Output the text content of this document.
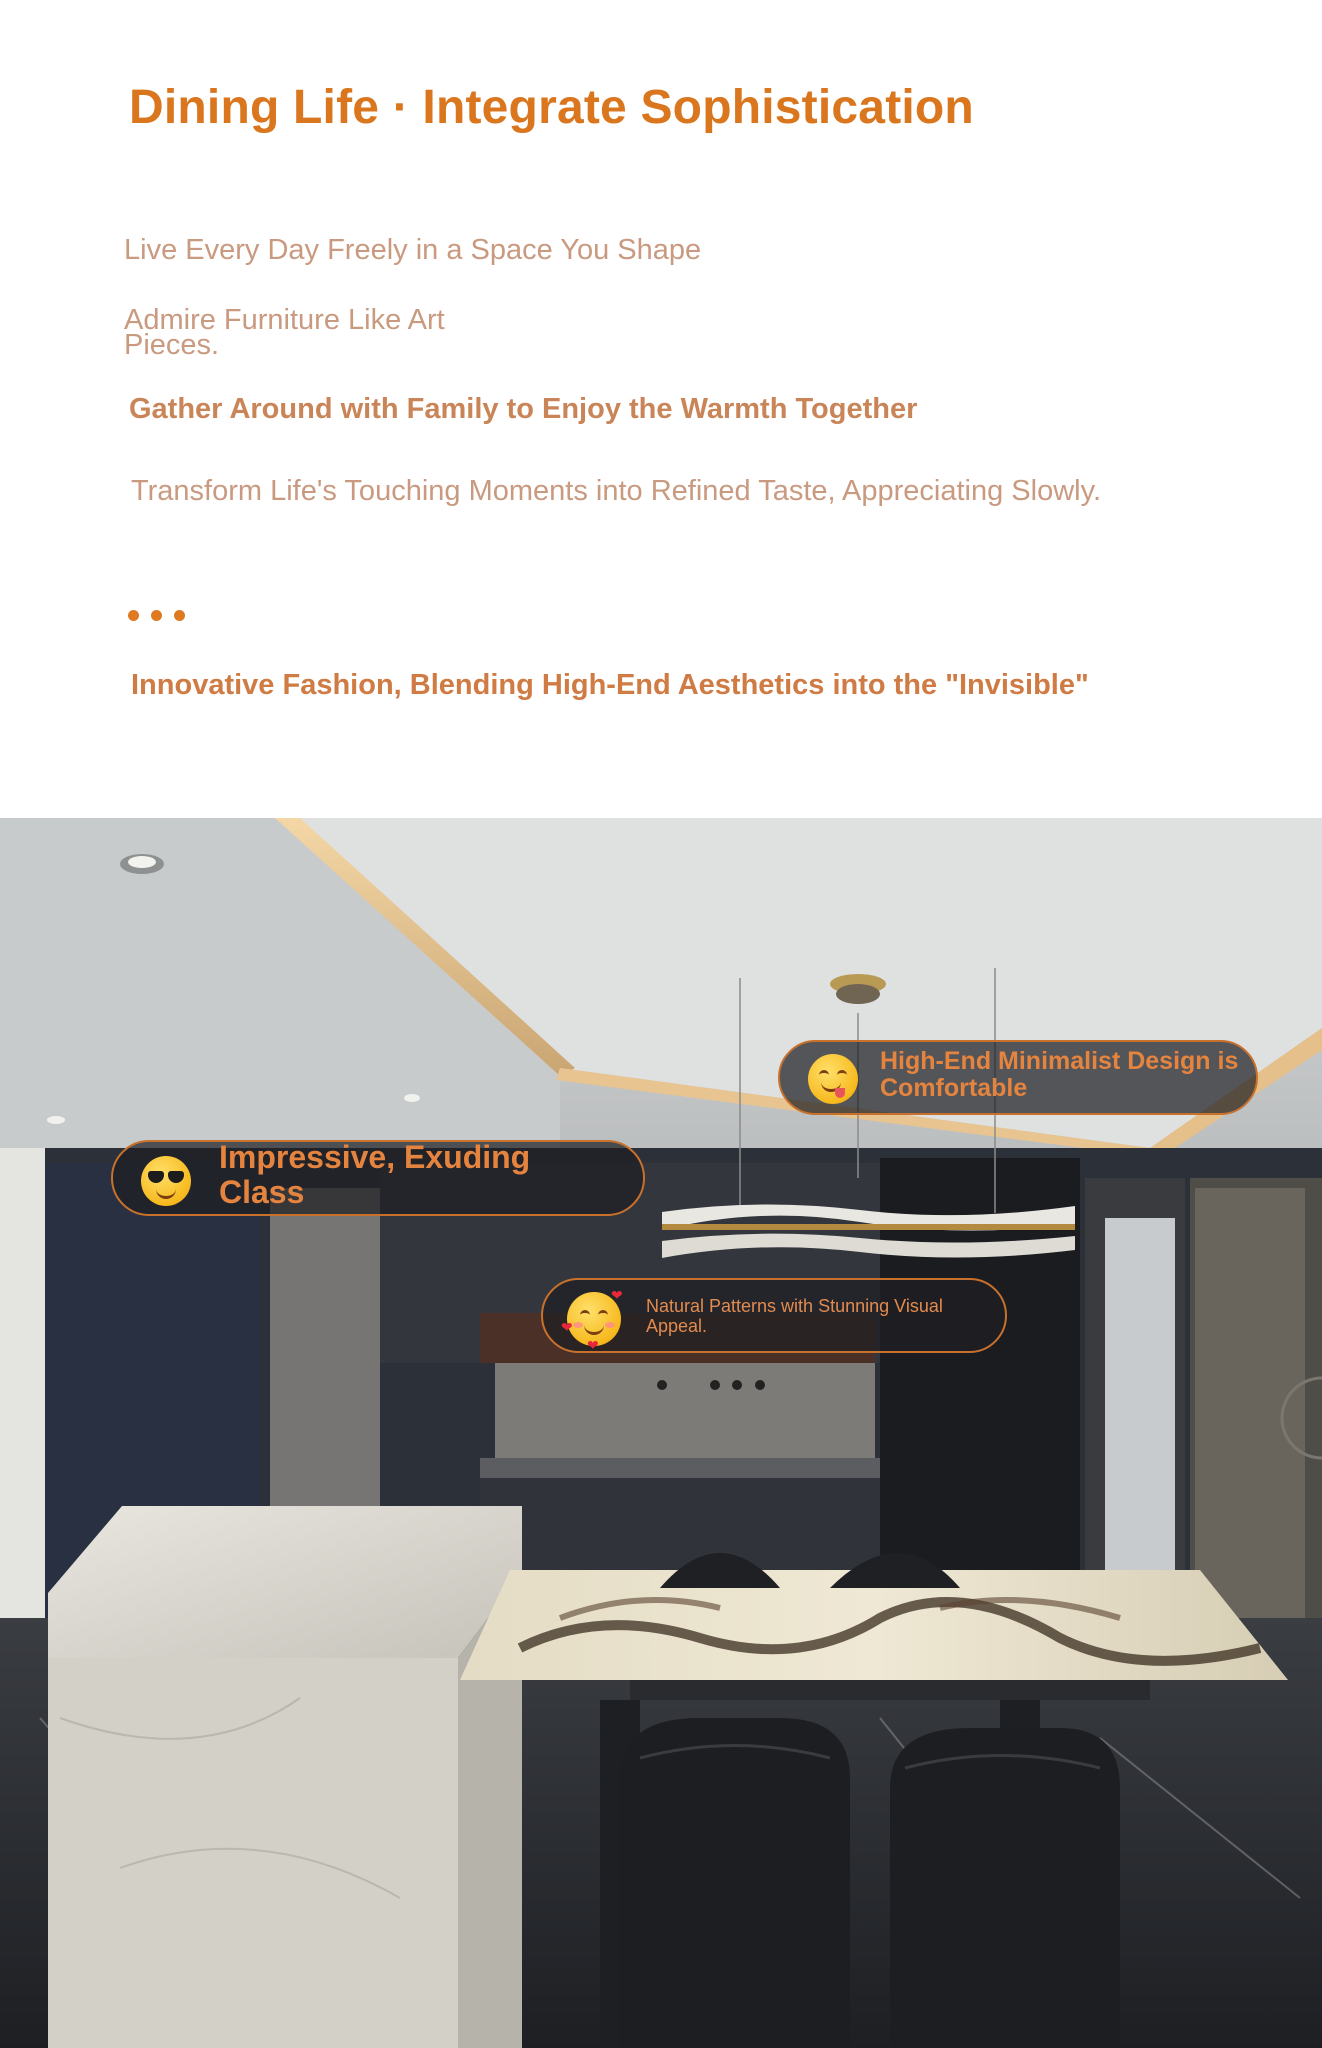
Dining Life · Integrate Sophistication
Live Every Day Freely in a Space You Shape
Admire Furniture Like Art Pieces.
Gather Around with Family to Enjoy the Warmth Together
Transform Life's Touching Moments into Refined Taste, Appreciating Slowly.
Innovative Fashion, Blending High-End Aesthetics into the "Invisible"
Impressive, Exuding Class
High-End Minimalist Design is Comfortable
❤
❤
❤
Natural Patterns with Stunning Visual Appeal.
